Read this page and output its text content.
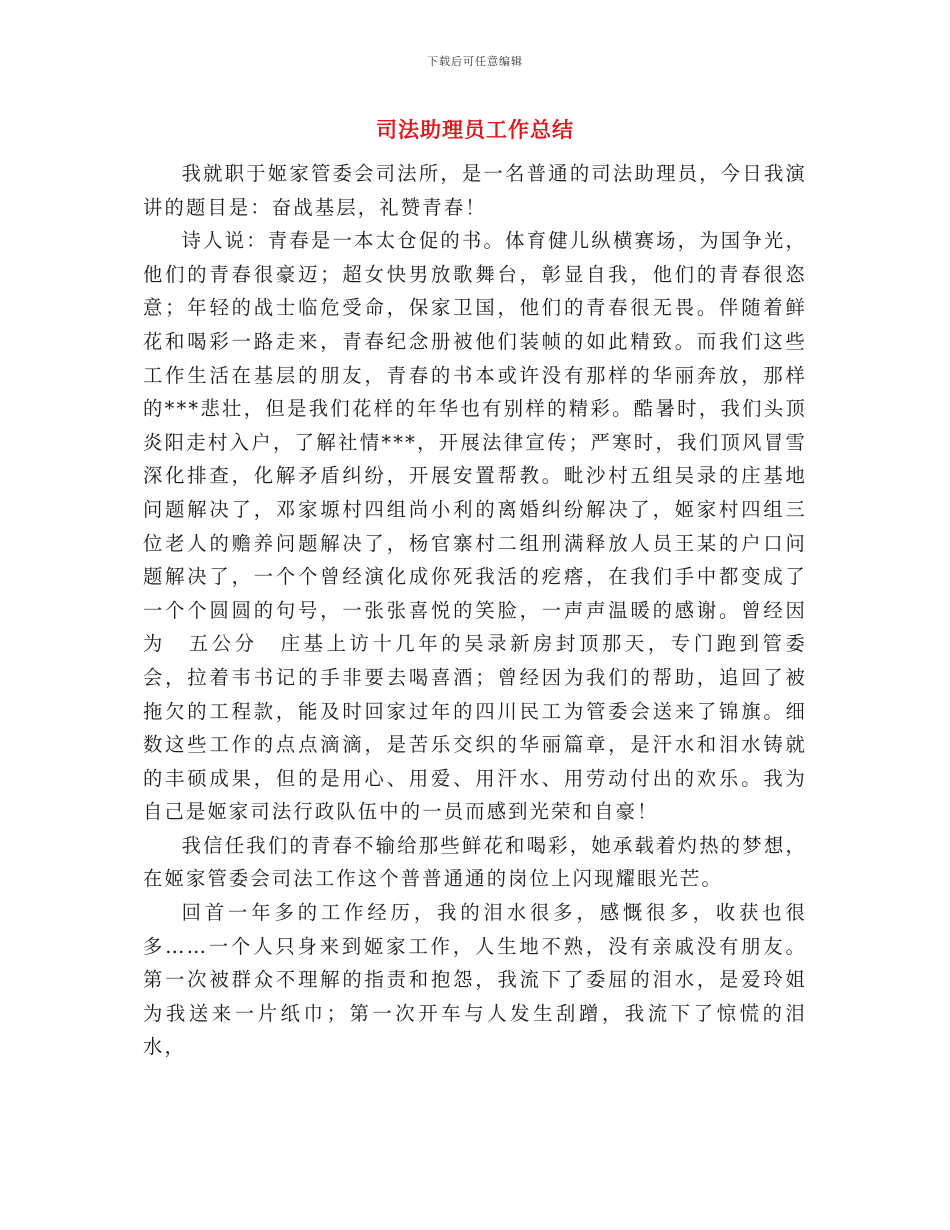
下载后可任意编辑
司法助理员工作总结

我就职于姬家管委会司法所，是一名普通的司法助理员，今日我演讲的题目是：奋战基层，礼赞青春！

诗人说：青春是一本太仓促的书。体育健儿纵横赛场，为国争光，他们的青春很豪迈；超女快男放歌舞台，彰显自我，他们的青春很恣意；年轻的战士临危受命，保家卫国，他们的青春很无畏。伴随着鲜花和喝彩一路走来，青春纪念册被他们装帧的如此精致。而我们这些工作生活在基层的朋友，青春的书本或许没有那样的华丽奔放，那样的***悲壮，但是我们花样的年华也有别样的精彩。酷暑时，我们头顶炎阳走村入户，了解社情***，开展法律宣传；严寒时，我们顶风冒雪深化排查，化解矛盾纠纷，开展安置帮教。毗沙村五组吴录的庄基地问题解决了，邓家塬村四组尚小利的离婚纠纷解决了，姬家村四组三位老人的赡养问题解决了，杨官寨村二组刑满释放人员王某的户口问题解决了，一个个曾经演化成你死我活的疙瘩，在我们手中都变成了一个个圆圆的句号，一张张喜悦的笑脸，一声声温暖的感谢。曾经因为　五公分　庄基上访十几年的吴录新房封顶那天，专门跑到管委会，拉着韦书记的手非要去喝喜酒；曾经因为我们的帮助，追回了被拖欠的工程款，能及时回家过年的四川民工为管委会送来了锦旗。细数这些工作的点点滴滴，是苦乐交织的华丽篇章，是汗水和泪水铸就的丰硕成果，但的是用心、用爱、用汗水、用劳动付出的欢乐。我为自己是姬家司法行政队伍中的一员而感到光荣和自豪！

我信任我们的青春不输给那些鲜花和喝彩，她承载着灼热的梦想，在姬家管委会司法工作这个普普通通的岗位上闪现耀眼光芒。

回首一年多的工作经历，我的泪水很多，感慨很多，收获也很多……一个人只身来到姬家工作，人生地不熟，没有亲戚没有朋友。第一次被群众不理解的指责和抱怨，我流下了委屈的泪水，是爱玲姐为我送来一片纸巾；第一次开车与人发生刮蹭，我流下了惊慌的泪水，
